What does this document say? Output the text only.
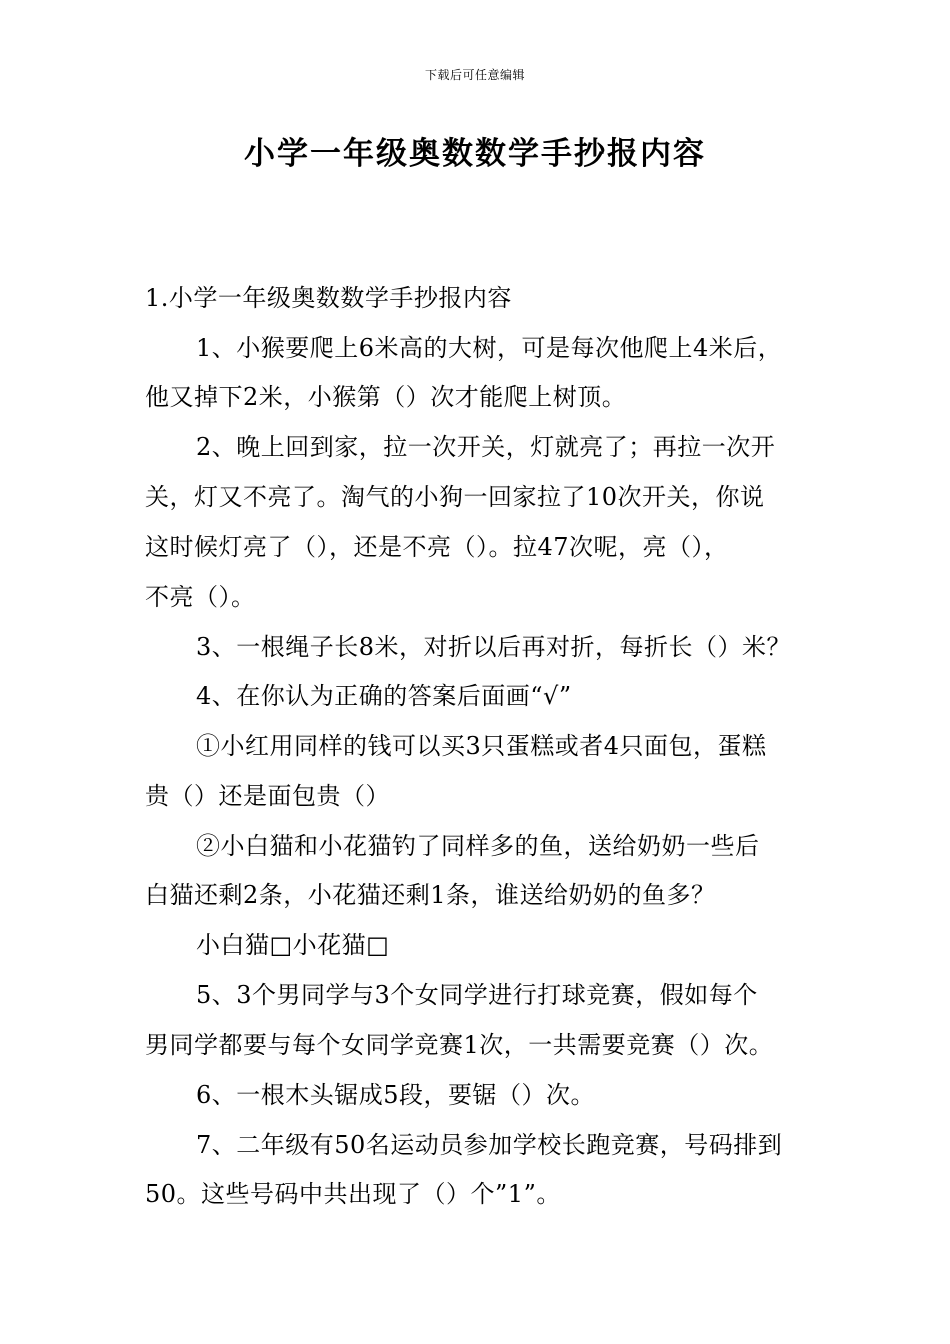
下载后可任意编辑
小学一年级奥数数学手抄报内容
1.小学一年级奥数数学手抄报内容
1、小猴要爬上6米高的大树，可是每次他爬上4米后，
他又掉下2米，小猴第（）次才能爬上树顶。
2、晚上回到家，拉一次开关，灯就亮了；再拉一次开
关，灯又不亮了。淘气的小狗一回家拉了10次开关，你说
这时候灯亮了（），还是不亮（）。拉47次呢，亮（），
不亮（）。
3、一根绳子长8米，对折以后再对折，每折长（）米？
4、在你认为正确的答案后面画“√”
①小红用同样的钱可以买3只蛋糕或者4只面包，蛋糕
贵（）还是面包贵（）
②小白猫和小花猫钓了同样多的鱼，送给奶奶一些后
白猫还剩2条，小花猫还剩1条，谁送给奶奶的鱼多？
小白猫□小花猫□
5、3个男同学与3个女同学进行打球竞赛，假如每个
男同学都要与每个女同学竞赛1次，一共需要竞赛（）次。
6、一根木头锯成5段，要锯（）次。
7、二年级有50名运动员参加学校长跑竞赛，号码排到
50。这些号码中共出现了（）个”1”。
